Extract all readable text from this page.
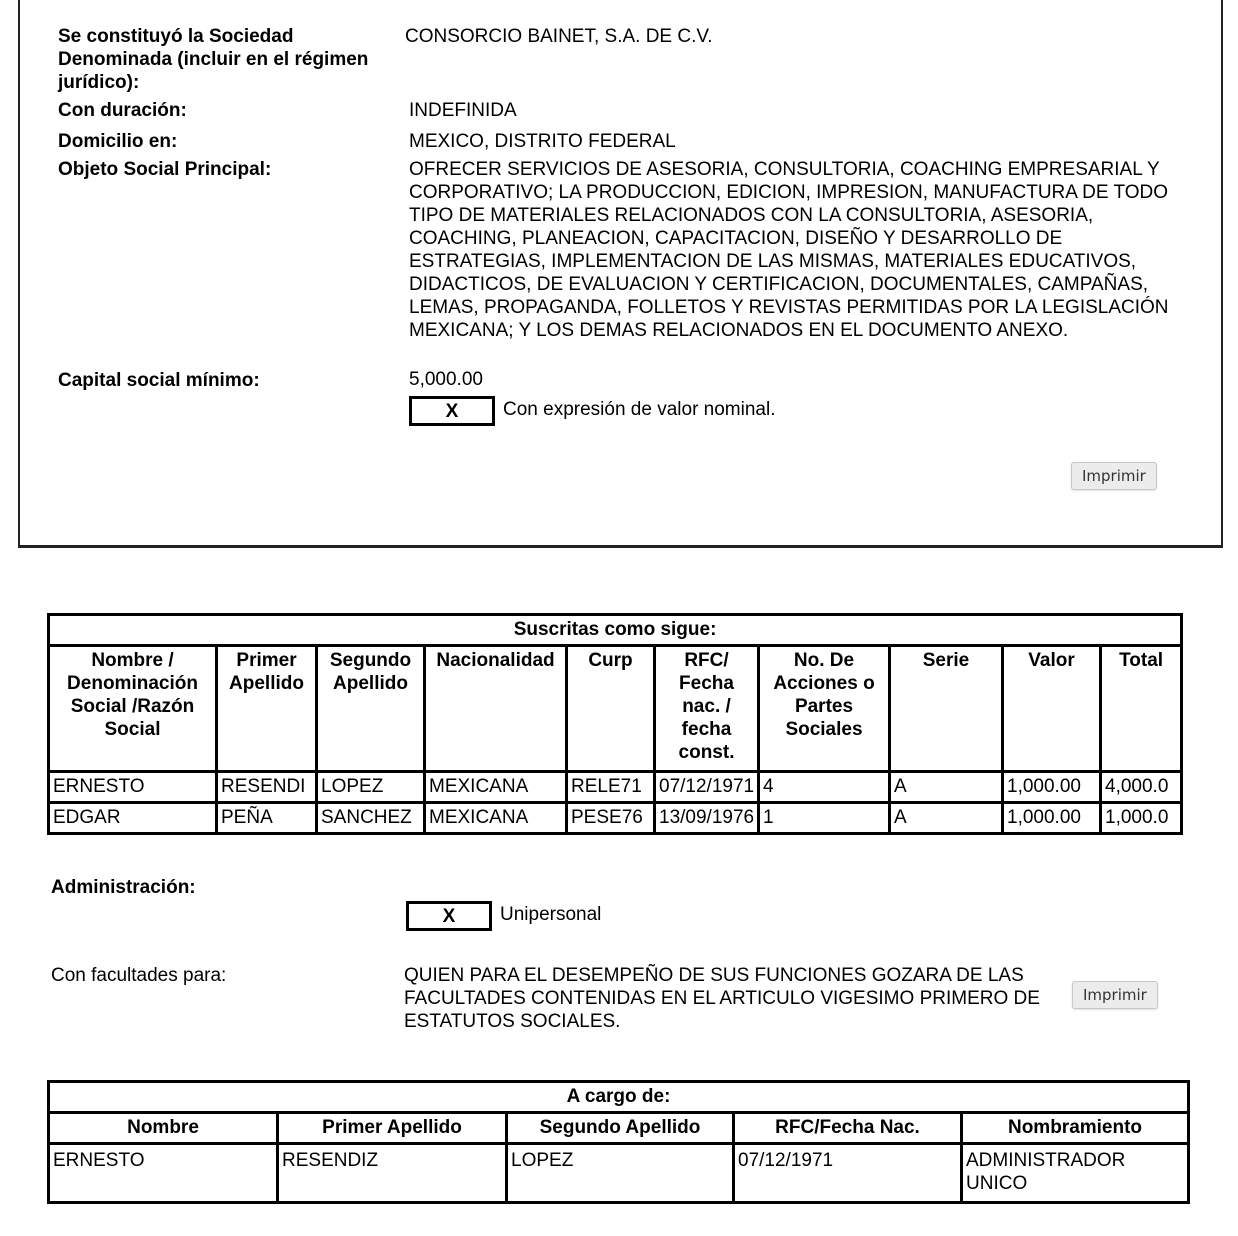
Se constituyó la Sociedad Denominada (incluir en el régimen jurídico):
CONSORCIO BAINET, S.A. DE C.V.
Con duración:	INDEFINIDA
Domicilio en:	MEXICO, DISTRITO FEDERAL
Objeto Social Principal:	OFRECER SERVICIOS DE ASESORIA, CONSULTORIA, COACHING EMPRESARIAL Y CORPORATIVO; LA PRODUCCION, EDICION, IMPRESION, MANUFACTURA DE TODO TIPO DE MATERIALES RELACIONADOS CON LA CONSULTORIA, ASESORIA, COACHING, PLANEACION, CAPACITACION, DISEÑO Y DESARROLLO DE ESTRATEGIAS, IMPLEMENTACION DE LAS MISMAS, MATERIALES EDUCATIVOS, DIDACTICOS, DE EVALUACION Y CERTIFICACION, DOCUMENTALES, CAMPAÑAS, LEMAS, PROPAGANDA, FOLLETOS Y REVISTAS PERMITIDAS POR LA LEGISLACIÓN MEXICANA; Y LOS DEMAS RELACIONADOS EN EL DOCUMENTO ANEXO.
Capital social mínimo:	5,000.00
X	Con expresión de valor nominal.
Imprimir
Suscritas como sigue:									
Nombre / Denominación Social /Razón Social	Primer Apellido	Segundo Apellido	Nacionalidad	Curp	RFC/ Fecha nac. / fecha const.	No. De Acciones o Partes Sociales	Serie	Valor	Total
ERNESTO	RESENDI	LOPEZ	MEXICANA	RELE71	07/12/1971	4	A	1,000.00	4,000.0
EDGAR	PEÑA	SANCHEZ	MEXICANA	PESE76	13/09/1976	1	A	1,000.00	1,000.0
Administración:
X	Unipersonal
Con facultades para:	QUIEN PARA EL DESEMPEÑO DE SUS FUNCIONES GOZARA DE LAS FACULTADES CONTENIDAS EN EL ARTICULO VIGESIMO PRIMERO DE ESTATUTOS SOCIALES.
Imprimir
A cargo de:				
Nombre	Primer Apellido	Segundo Apellido	RFC/Fecha Nac.	Nombramiento
ERNESTO	RESENDIZ	LOPEZ	07/12/1971	ADMINISTRADOR UNICO
